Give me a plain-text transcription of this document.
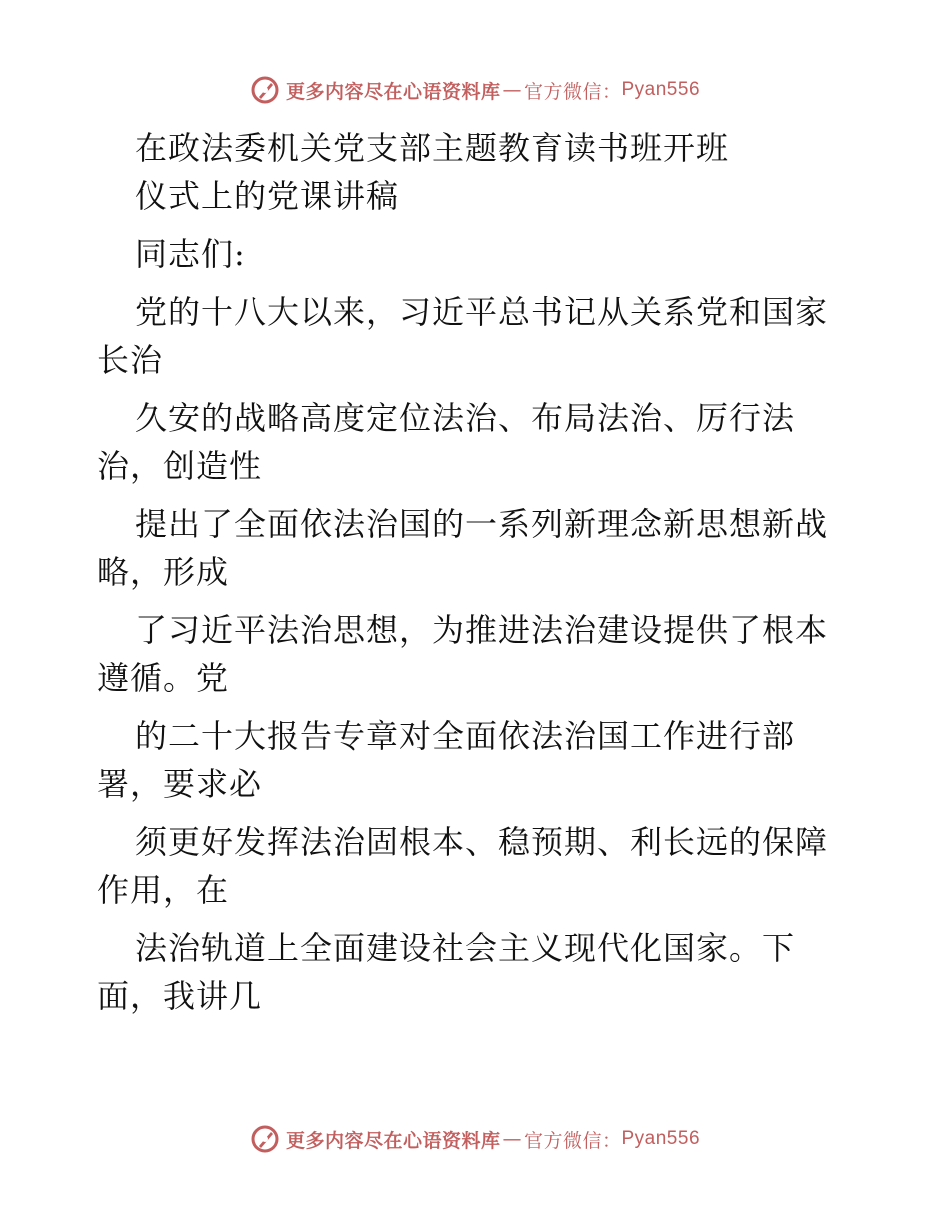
更多内容尽在心语资料库 — 官方微信： Pyan556
在政法委机关党支部主题教育读书班开班
仪式上的党课讲稿
同志们:
党的十八大以来，习近平总书记从关系党和国家
长治
久安的战略高度定位法治、布局法治、厉行法
治，创造性
提出了全面依法治国的一系列新理念新思想新战
略，形成
了习近平法治思想，为推进法治建设提供了根本
遵循。党
的二十大报告专章对全面依法治国工作进行部
署，要求必
须更好发挥法治固根本、稳预期、利长远的保障
作用，在
法治轨道上全面建设社会主义现代化国家。下
面，我讲几
更多内容尽在心语资料库 — 官方微信： Pyan556
